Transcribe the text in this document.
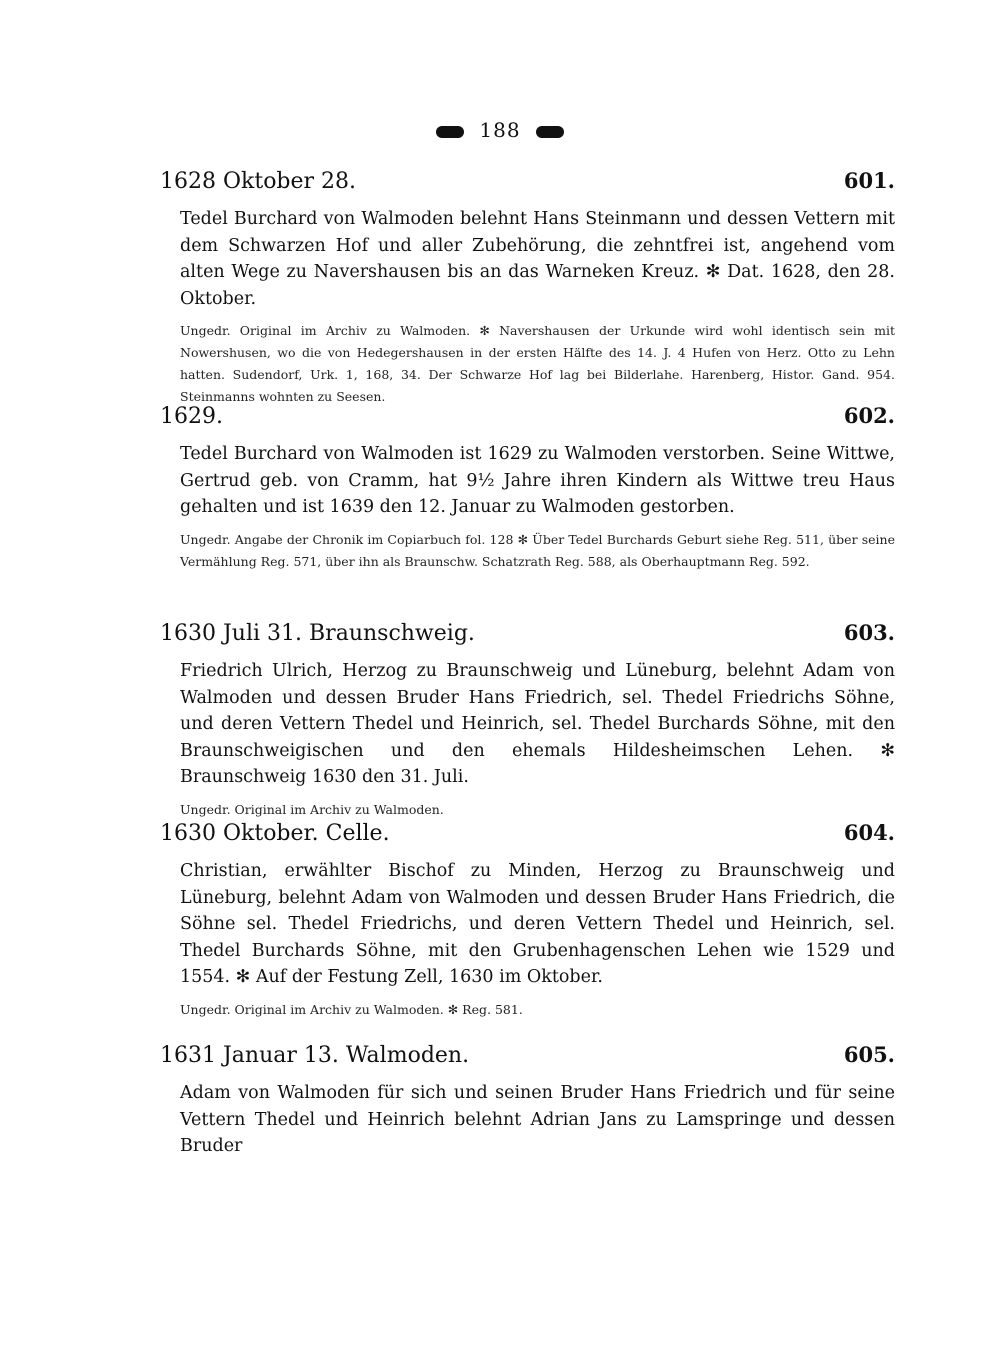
188
1628 Oktober 28.	601.
Tedel Burchard von Walmoden belehnt Hans Steinmann und dessen Vettern mit dem Schwarzen Hof und aller Zubehörung, die zehntfrei ist, angehend vom alten Wege zu Navershausen bis an das Warneken Kreuz. ✻ Dat. 1628, den 28. Oktober.
Ungedr. Original im Archiv zu Walmoden. ✻ Navershausen der Urkunde wird wohl identisch sein mit Nowershusen, wo die von Hedegershausen in der ersten Hälfte des 14. J. 4 Hufen von Herz. Otto zu Lehn hatten. Sudendorf, Urk. 1, 168, 34. Der Schwarze Hof lag bei Bilderlahe. Harenberg, Histor. Gand. 954. Steinmanns wohnten zu Seesen.
1629.	602.
Tedel Burchard von Walmoden ist 1629 zu Walmoden verstorben. Seine Wittwe, Gertrud geb. von Cramm, hat 9½ Jahre ihren Kindern als Wittwe treu Haus gehalten und ist 1639 den 12. Januar zu Walmoden gestorben.
Ungedr. Angabe der Chronik im Copiarbuch fol. 128 ✻ Über Tedel Burchards Geburt siehe Reg. 511, über seine Vermählung Reg. 571, über ihn als Braunschw. Schatzrath Reg. 588, als Oberhauptmann Reg. 592.
1630 Juli 31. Braunschweig.	603.
Friedrich Ulrich, Herzog zu Braunschweig und Lüneburg, belehnt Adam von Walmoden und dessen Bruder Hans Friedrich, sel. Thedel Friedrichs Söhne, und deren Vettern Thedel und Heinrich, sel. Thedel Burchards Söhne, mit den Braunschweigischen und den ehemals Hildesheimschen Lehen. ✻ Braunschweig 1630 den 31. Juli.
Ungedr. Original im Archiv zu Walmoden.
1630 Oktober. Celle.	604.
Christian, erwählter Bischof zu Minden, Herzog zu Braunschweig und Lüneburg, belehnt Adam von Walmoden und dessen Bruder Hans Friedrich, die Söhne sel. Thedel Friedrichs, und deren Vettern Thedel und Heinrich, sel. Thedel Burchards Söhne, mit den Grubenhagenschen Lehen wie 1529 und 1554. ✻ Auf der Festung Zell, 1630 im Oktober.
Ungedr. Original im Archiv zu Walmoden. ✻ Reg. 581.
1631 Januar 13. Walmoden.	605.
Adam von Walmoden für sich und seinen Bruder Hans Friedrich und für seine Vettern Thedel und Heinrich belehnt Adrian Jans zu Lamspringe und dessen Bruder
